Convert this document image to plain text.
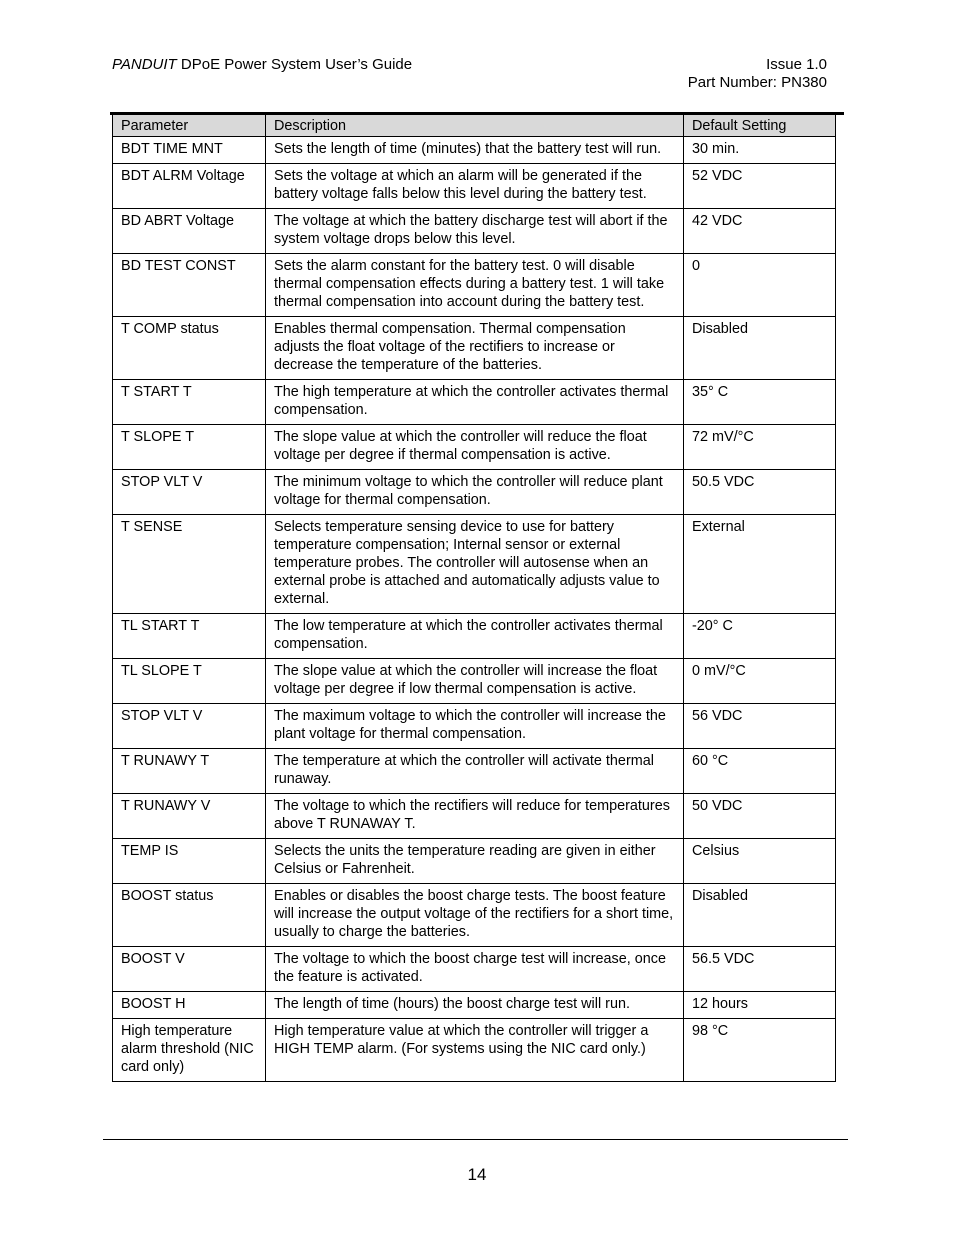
PANDUIT DPoE Power System User’s Guide	Issue 1.0
Part Number: PN380
Parameter	Description	Default Setting
BDT TIME MNT	Sets the length of time (minutes) that the battery test will run.	30 min.
BDT ALRM Voltage	Sets the voltage at which an alarm will be generated if the battery voltage falls below this level during the battery test.	52 VDC
BD ABRT Voltage	The voltage at which the battery discharge test will abort if the system voltage drops below this level.	42 VDC
BD TEST CONST	Sets the alarm constant for the battery test. 0 will disable thermal compensation effects during a battery test. 1 will take thermal compensation into account during the battery test.	0
T COMP status	Enables thermal compensation. Thermal compensation adjusts the float voltage of the rectifiers to increase or decrease the temperature of the batteries.	Disabled
T START T	The high temperature at which the controller activates thermal compensation.	35° C
T SLOPE T	The slope value at which the controller will reduce the float voltage per degree if thermal compensation is active.	72 mV/°C
STOP VLT V	The minimum voltage to which the controller will reduce plant voltage for thermal compensation.	50.5 VDC
T SENSE	Selects temperature sensing device to use for battery temperature compensation; Internal sensor or external temperature probes. The controller will autosense when an external probe is attached and automatically adjusts value to external.	External
TL START T	The low temperature at which the controller activates thermal compensation.	-20° C
TL SLOPE T	The slope value at which the controller will increase the float voltage per degree if low thermal compensation is active.	0 mV/°C
STOP VLT V	The maximum voltage to which the controller will increase the plant voltage for thermal compensation.	56 VDC
T RUNAWY T	The temperature at which the controller will activate thermal runaway.	60 °C
T RUNAWY V	The voltage to which the rectifiers will reduce for temperatures above T RUNAWAY T.	50 VDC
TEMP IS	Selects the units the temperature reading are given in either Celsius or Fahrenheit.	Celsius
BOOST status	Enables or disables the boost charge tests. The boost feature will increase the output voltage of the rectifiers for a short time, usually to charge the batteries.	Disabled
BOOST V	The voltage to which the boost charge test will increase, once the feature is activated.	56.5 VDC
BOOST H	The length of time (hours) the boost charge test will run.	12 hours
High temperature alarm threshold (NIC card only)	High temperature value at which the controller will trigger a HIGH TEMP alarm. (For systems using the NIC card only.)	98 °C
14
